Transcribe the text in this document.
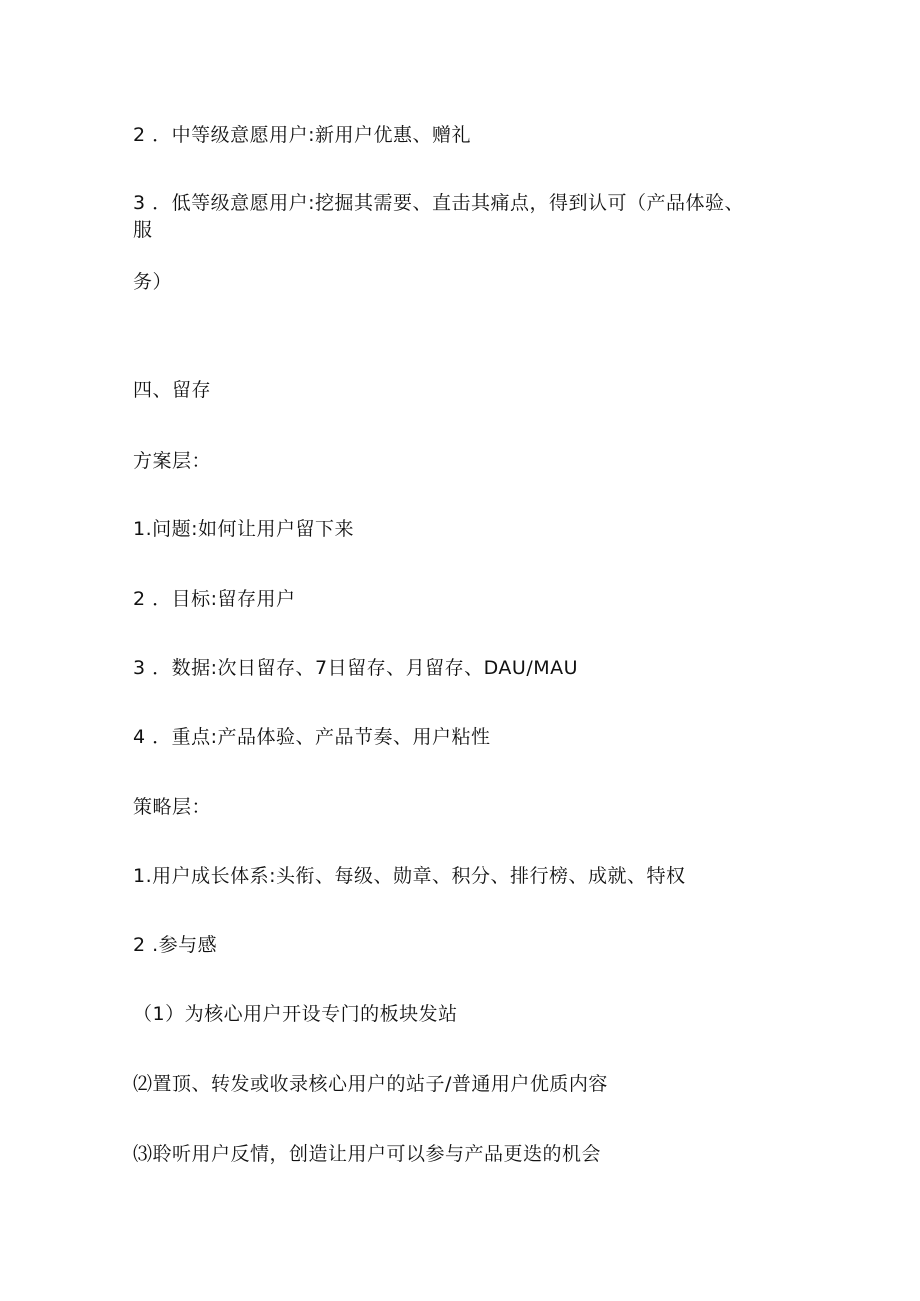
2 ．中等级意愿用户:新用户优惠、赠礼
3 ．低等级意愿用户:挖掘其需要、直击其痛点，得到认可（产品体验、
服
务）
四、留存
方案层：
1.问题:如何让用户留下来
2 ．目标:留存用户
3 ．数据:次日留存、7日留存、月留存、DAU/MAU
4 ．重点:产品体验、产品节奏、用户粘性
策略层：
1.用户成长体系:头衔、每级、勋章、积分、排行榜、成就、特权
2 .参与感
（1）为核心用户开设专门的板块发站
⑵置顶、转发或收录核心用户的站子/普通用户优质内容
⑶聆听用户反情，创造让用户可以参与产品更迭的机会
